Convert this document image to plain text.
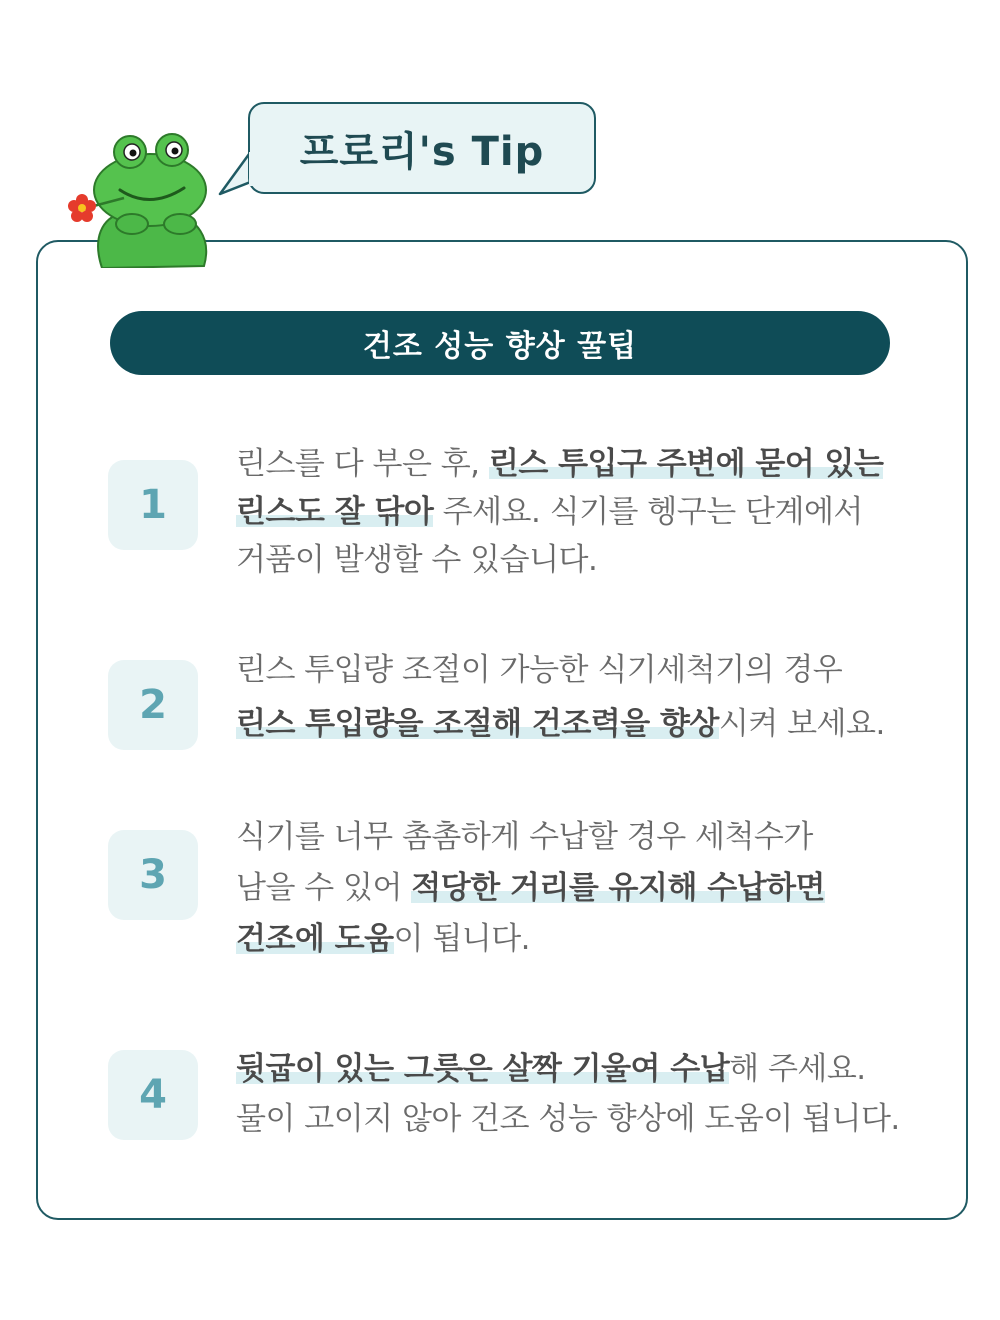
프로리's Tip
건조 성능 향상 꿀팁
1
린스를 다 부은 후, 린스 투입구 주변에 묻어 있는
린스도 잘 닦아 주세요. 식기를 헹구는 단계에서
거품이 발생할 수 있습니다.
2
린스 투입량 조절이 가능한 식기세척기의 경우
린스 투입량을 조절해 건조력을 향상시켜 보세요.
3
식기를 너무 촘촘하게 수납할 경우 세척수가
남을 수 있어 적당한 거리를 유지해 수납하면
건조에 도움이 됩니다.
4
뒷굽이 있는 그릇은 살짝 기울여 수납해 주세요.
물이 고이지 않아 건조 성능 향상에 도움이 됩니다.
